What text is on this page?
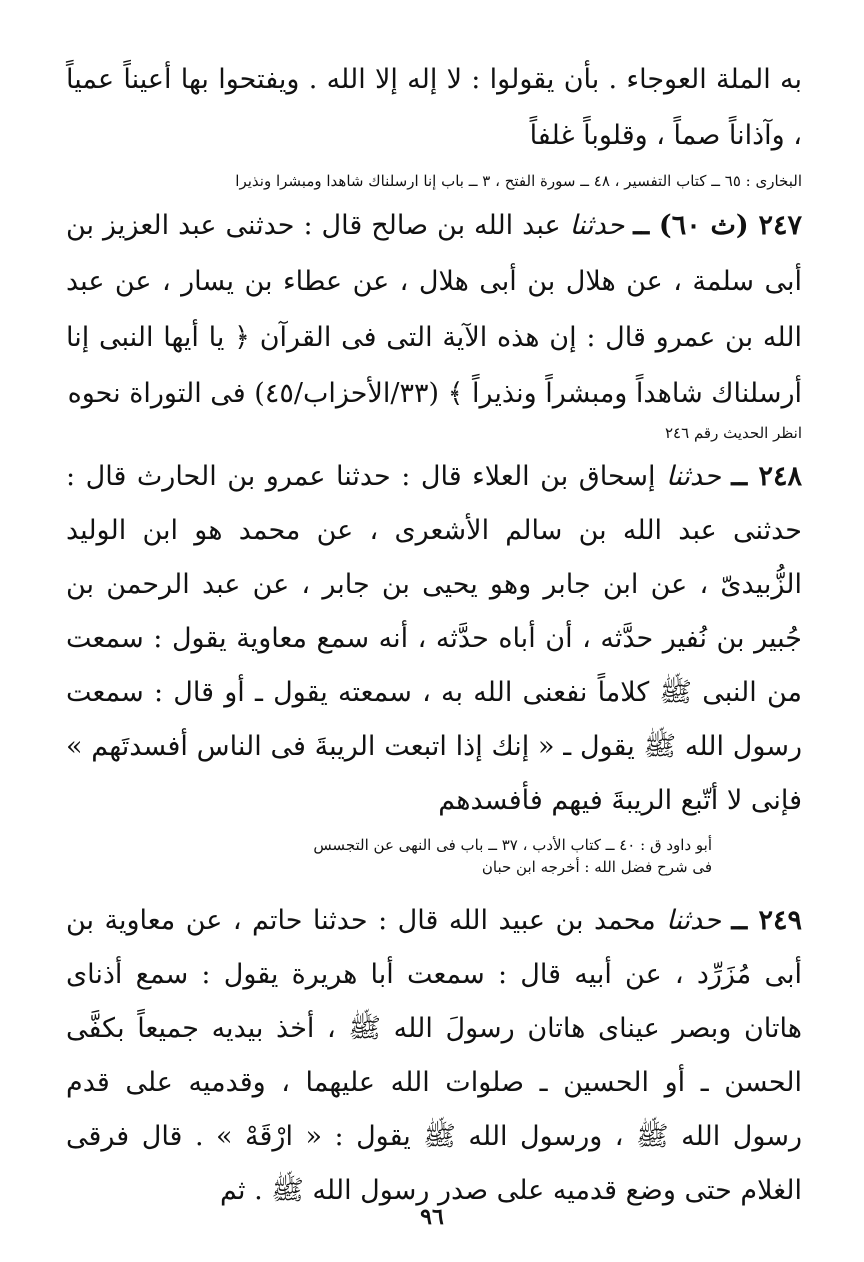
به الملة العوجاء . بأن يقولوا : لا إله إلا الله . ويفتحوا بها أعيناً عمياً ، وآذاناً صماً ، وقلوباً غلفاً

البخارى : ٦٥ ــ كتاب التفسير ، ٤٨ ــ سورة الفتح ، ٣ ــ باب إنا ارسلناك شاهدا ومبشرا ونذيرا

٢٤٧ (ث ٦٠) ــ حدثنا عبد الله بن صالح قال : حدثنى عبد العزيز بن أبى سلمة ، عن هلال بن أبى هلال ، عن عطاء بن يسار ، عن عبد الله بن عمرو قال : إن هذه الآية التى فى القرآن ﴿ يا أيها النبى إنا أرسلناك شاهداً ومبشراً ونذيراً ﴾ (٣٣/الأحزاب/٤٥) فى التوراة نحوه

انظر الحديث رقم ٢٤٦

٢٤٨ ــ حدثنا إسحاق بن العلاء قال : حدثنا عمرو بن الحارث قال : حدثنى عبد الله بن سالم الأشعرى ، عن محمد هو ابن الوليد الزُّبيدىّ ، عن ابن جابر وهو يحيى بن جابر ، عن عبد الرحمن بن جُبير بن نُفير حدَّثه ، أن أباه حدَّثه ، أنه سمع معاوية يقول : سمعت من النبى ﷺ كلاماً نفعنى الله به ، سمعته يقول ـ أو قال : سمعت رسول الله ﷺ يقول ـ « إنك إذا اتبعت الريبةَ فى الناس أفسدتَهم » فإنى لا أتّبع الريبةَ فيهم فأفسدهم

أبو داود ق : ٤٠ ــ كتاب الأدب ، ٣٧ ــ باب فى النهى عن التجسس

فى شرح فضل الله : أخرجه ابن حبان

٢٤٩ ــ حدثنا محمد بن عبيد الله قال : حدثنا حاتم ، عن معاوية بن أبى مُزَرِّد ، عن أبيه قال : سمعت أبا هريرة يقول : سمع أذناى هاتان وبصر عيناى هاتان رسولَ الله ﷺ ، أخذ بيديه جميعاً بكفَّى الحسن ـ أو الحسين ـ صلوات الله عليهما ، وقدميه على قدم رسول الله ﷺ ، ورسول الله ﷺ يقول : « ارْقَهْ » . قال فرقى الغلام حتى وضع قدميه على صدر رسول الله ﷺ . ثم

٩٦
